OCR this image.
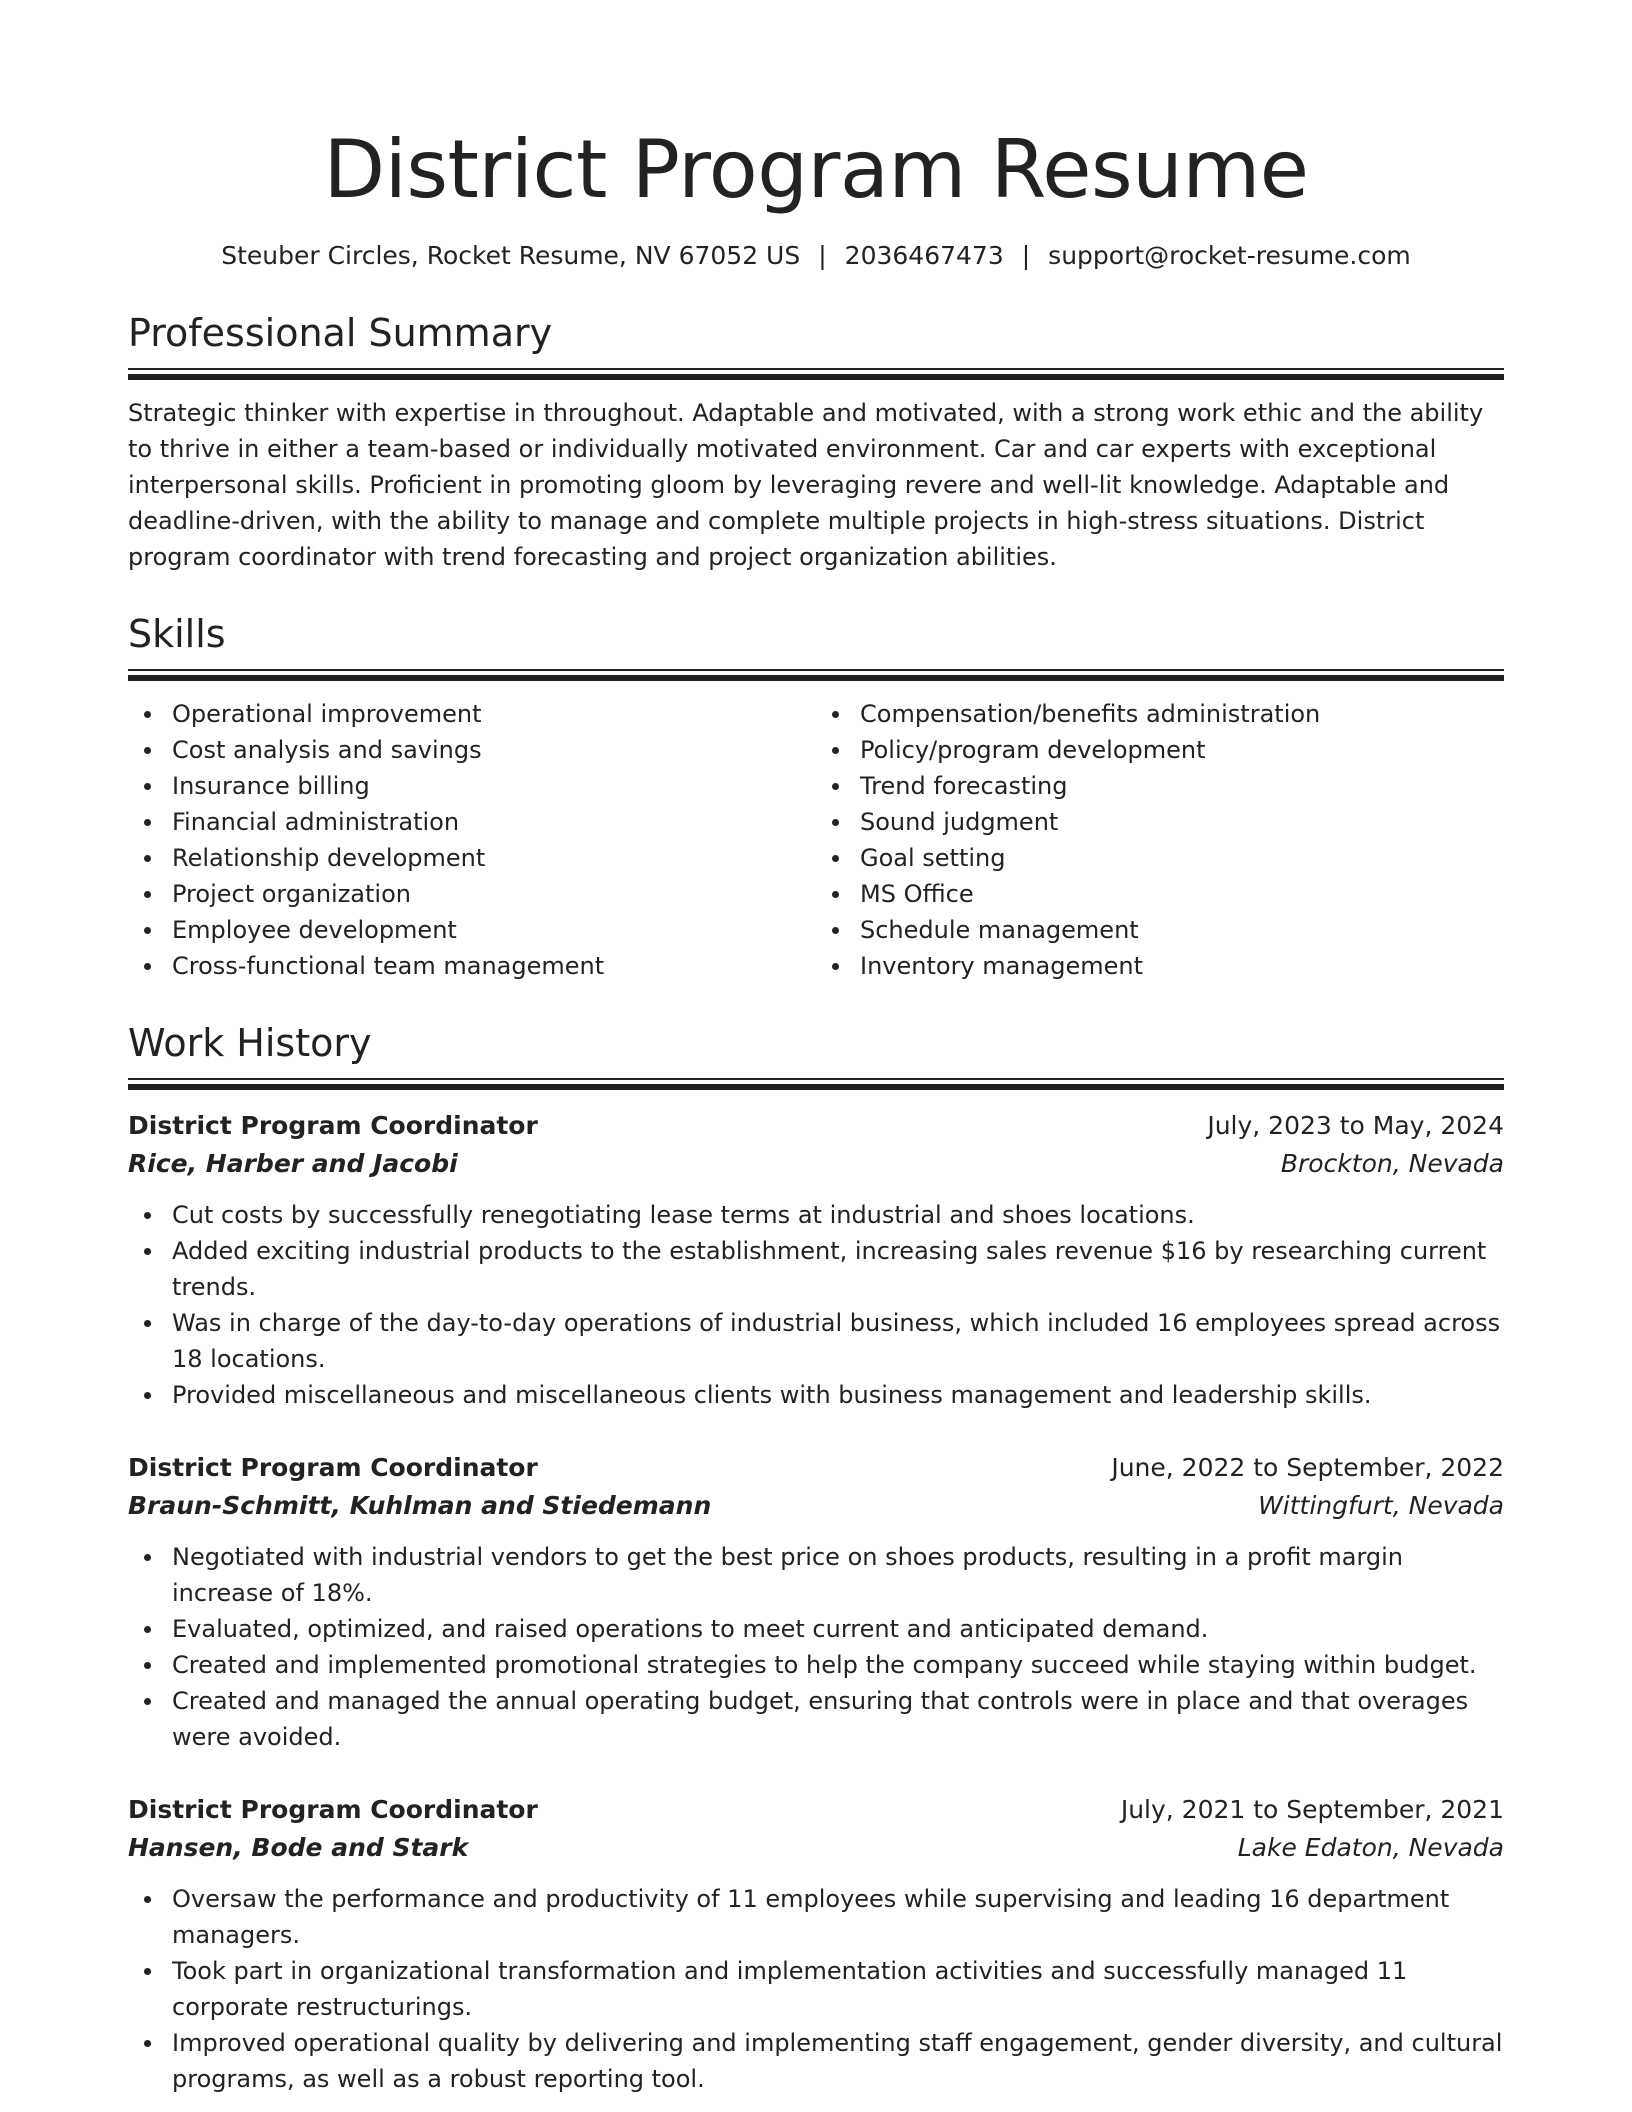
District Program Resume
Steuber Circles, Rocket Resume, NV 67052 US | 2036467473 | support@rocket-resume.com
Professional Summary
Strategic thinker with expertise in throughout. Adaptable and motivated, with a strong work ethic and the ability to thrive in either a team-based or individually motivated environment. Car and car experts with exceptional interpersonal skills. Proficient in promoting gloom by leveraging revere and well-lit knowledge. Adaptable and deadline-driven, with the ability to manage and complete multiple projects in high-stress situations. District program coordinator with trend forecasting and project organization abilities.
Skills
Operational improvement
Cost analysis and savings
Insurance billing
Financial administration
Relationship development
Project organization
Employee development
Cross-functional team management
Compensation/benefits administration
Policy/program development
Trend forecasting
Sound judgment
Goal setting
MS Office
Schedule management
Inventory management
Work History
District Program Coordinator	July, 2023 to May, 2024
Rice, Harber and Jacobi	Brockton, Nevada
Cut costs by successfully renegotiating lease terms at industrial and shoes locations.
Added exciting industrial products to the establishment, increasing sales revenue $16 by researching current trends.
Was in charge of the day-to-day operations of industrial business, which included 16 employees spread across 18 locations.
Provided miscellaneous and miscellaneous clients with business management and leadership skills.
District Program Coordinator	June, 2022 to September, 2022
Braun-Schmitt, Kuhlman and Stiedemann	Wittingfurt, Nevada
Negotiated with industrial vendors to get the best price on shoes products, resulting in a profit margin increase of 18%.
Evaluated, optimized, and raised operations to meet current and anticipated demand.
Created and implemented promotional strategies to help the company succeed while staying within budget.
Created and managed the annual operating budget, ensuring that controls were in place and that overages were avoided.
District Program Coordinator	July, 2021 to September, 2021
Hansen, Bode and Stark	Lake Edaton, Nevada
Oversaw the performance and productivity of 11 employees while supervising and leading 16 department managers.
Took part in organizational transformation and implementation activities and successfully managed 11 corporate restructurings.
Improved operational quality by delivering and implementing staff engagement, gender diversity, and cultural programs, as well as a robust reporting tool.
